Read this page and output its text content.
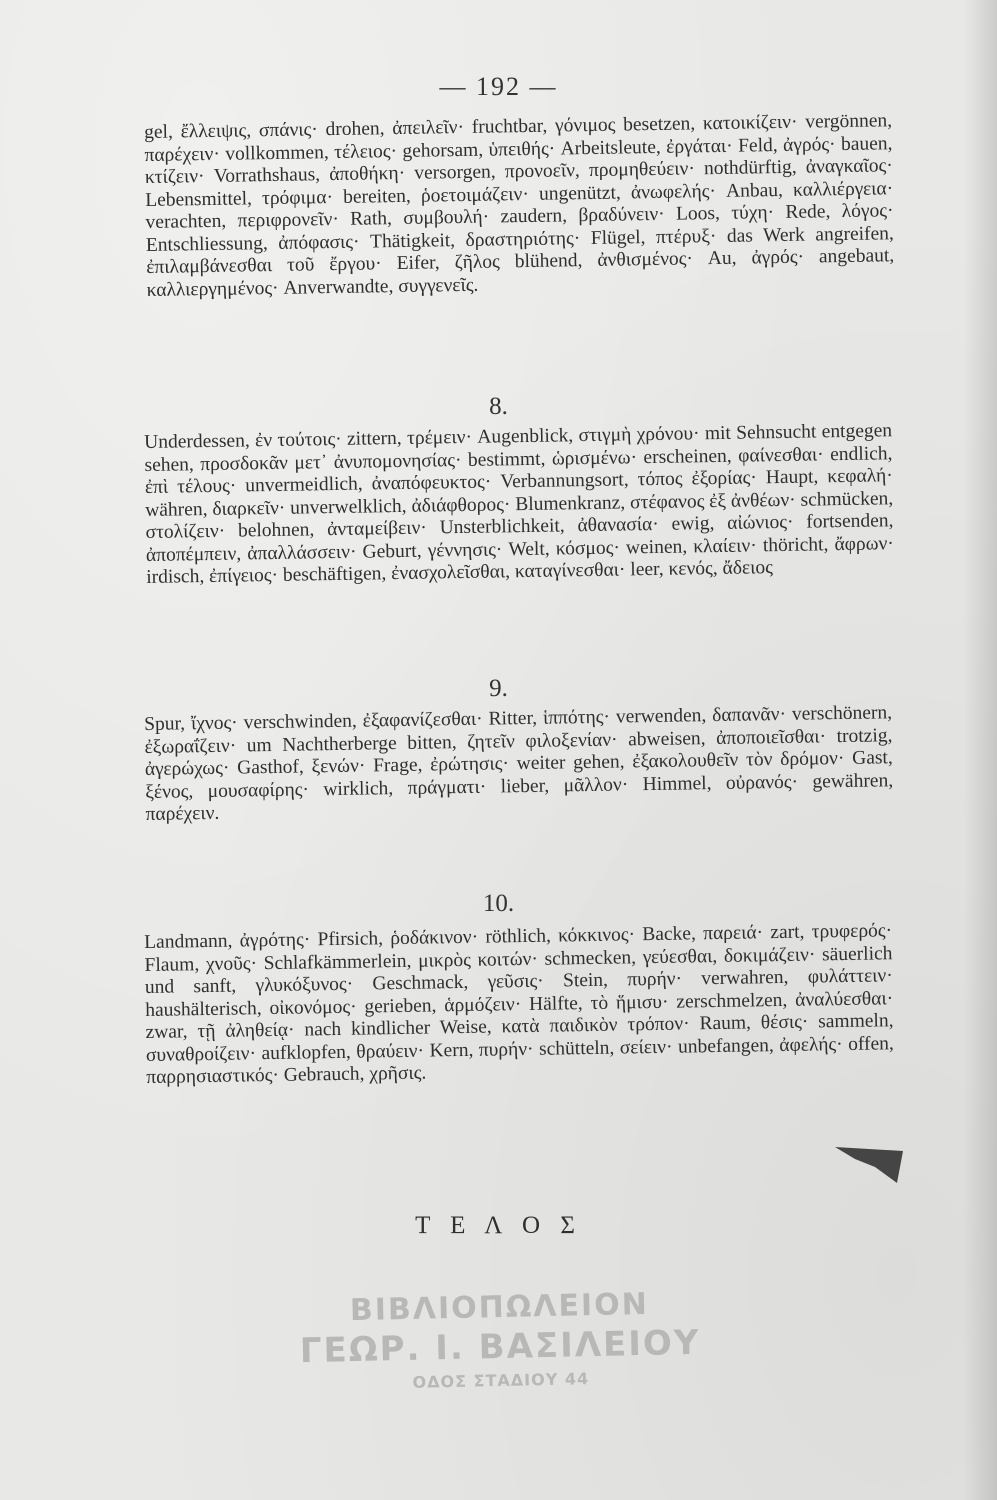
— 192 —

gel, ἔλλειψις, σπάνις· drohen, ἀπειλεῖν· fruchtbar, γόνιμος besetzen, κατοικίζειν· vergönnen, παρέχειν· vollkommen, τέλειος· gehorsam, ὑπειθής· Arbeitsleute, ἐργάται· Feld, ἀγρός· bauen, κτίζειν· Vorrathshaus, ἀποθήκη· versorgen, προνοεῖν, προμηθεύειν· nothdürftig, ἀναγκαῖος· Lebensmittel, τρόφιμα· bereiten, ῥοετοιμάζειν· ungenützt, ἀνωφελής· Anbau, καλλιέργεια· verachten, περιφρονεῖν· Rath, συμβουλή· zaudern, βραδύνειν· Loos, τύχη· Rede, λόγος· Entschliessung, ἀπόφασις· Thätigkeit, δραστηριότης· Flügel, πτέρυξ· das Werk angreifen, ἐπιλαμβάνεσθαι τοῦ ἔργου· Eifer, ζῆλος blühend, ἀνθισμένος· Au, ἀγρός· angebaut, καλλιεργημένος· Anverwandte, συγγενεῖς.

8.

Underdessen, ἐν τούτοις· zittern, τρέμειν· Augenblick, στιγμὴ χρόνου· mit Sehnsucht entgegen sehen, προσδοκᾶν μετ᾽ ἀνυπομονησίας· bestimmt, ὡρισμένω· erscheinen, φαίνεσθαι· endlich, ἐπὶ τέλους· unvermeidlich, ἀναπόφευκτος· Verbannungsort, τόπος ἐξορίας· Haupt, κεφαλή· währen, διαρκεῖν· unverwelklich, ἀδιάφθορος· Blumenkranz, στέφανος ἐξ ἀνθέων· schmücken, στολίζειν· belohnen, ἀνταμείβειν· Unsterblichkeit, ἀθανασία· ewig, αἰώνιος· fortsenden, ἀποπέμπειν, ἀπαλλάσσειν· Geburt, γέννησις· Welt, κόσμος· weinen, κλαίειν· thöricht, ἄφρων· irdisch, ἐπίγειος· beschäftigen, ἐνασχολεῖσθαι, καταγίνεσθαι· leer, κενός, ἄδειος

9.

Spur, ἴχνος· verschwinden, ἐξαφανίζεσθαι· Ritter, ἱππότης· verwenden, δαπανᾶν· verschönern, ἐξωραΐζειν· um Nachtherberge bitten, ζητεῖν φιλοξενίαν· abweisen, ἀποποιεῖσθαι· trotzig, ἀγερώχως· Gasthof, ξενών· Frage, ἐρώτησις· weiter gehen, ἐξακολουθεῖν τὸν δρόμον· Gast, ξένος, μουσαφίρης· wirklich, πράγματι· lieber, μᾶλλον· Himmel, οὐρανός· gewähren, παρέχειν.

10.

Landmann, ἀγρότης· Pfirsich, ῥοδάκινον· röthlich, κόκκινος· Backe, παρειά· zart, τρυφερός· Flaum, χνοῦς· Schlafkämmerlein, μικρὸς κοιτών· schmecken, γεύεσθαι, δοκιμάζειν· säuerlich und sanft, γλυκόξυνος· Geschmack, γεῦσις· Stein, πυρήν· verwahren, φυλάττειν· haushälterisch, οἰκονόμος· gerieben, ἁρμόζειν· Hälfte, τὸ ἥμισυ· zerschmelzen, ἀναλύεσθαι· zwar, τῇ ἀληθείᾳ· nach kindlicher Weise, κατὰ παιδικὸν τρόπον· Raum, θέσις· sammeln, συναθροίζειν· aufklopfen, θραύειν· Kern, πυρήν· schütteln, σείειν· unbefangen, ἀφελής· offen, παρρησιαστικός· Gebrauch, χρῆσις.

Τ Ε Λ Ο Σ
ΒΙΒΛΙΟΠΩΛΕΙΟΝ
ΓΕΩΡ. Ι. ΒΑΣΙΛΕΙΟΥ
ΟΔΟΣ ΣΤΑΔΙΟΥ 44
